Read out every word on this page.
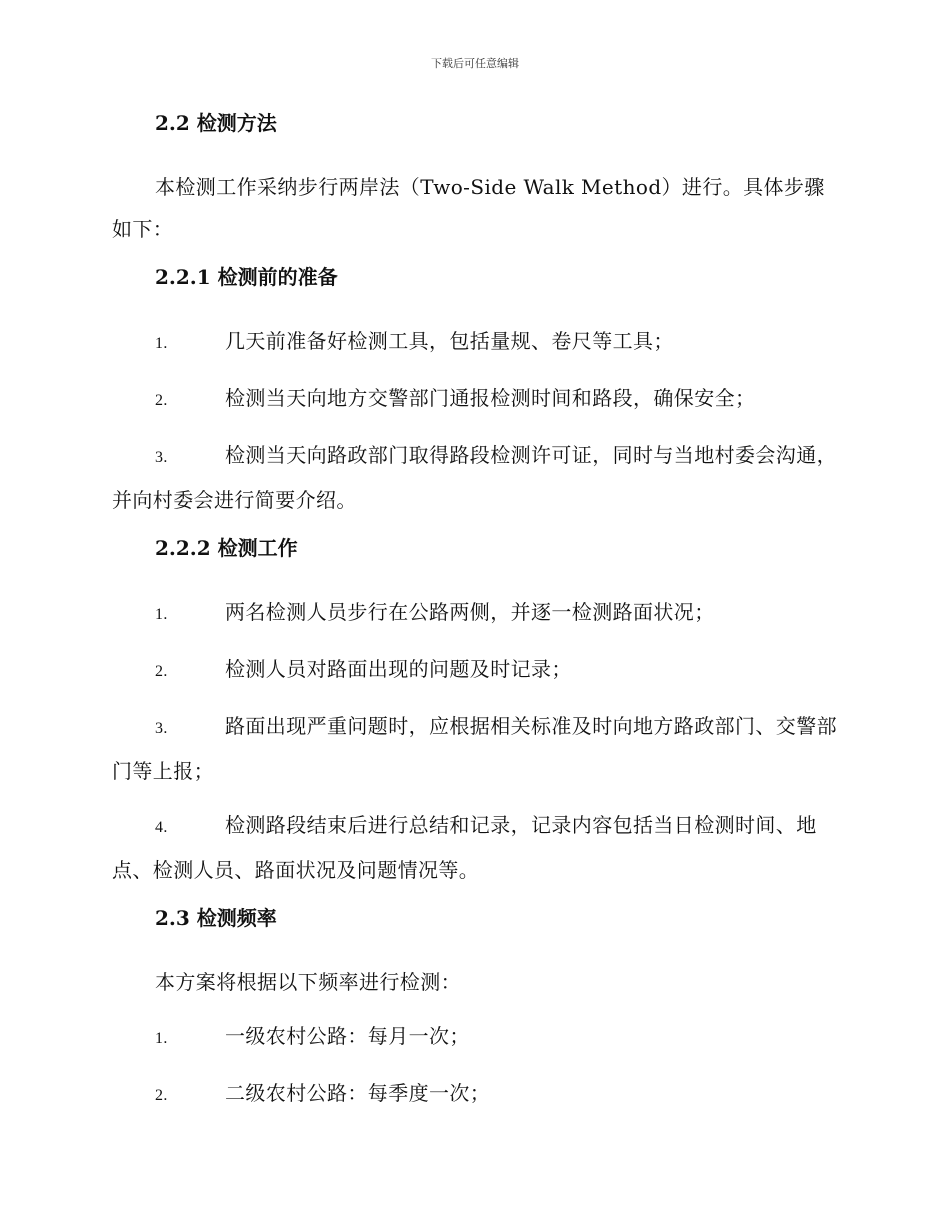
下载后可任意编辑
2.2 检测方法

本检测工作采纳步行两岸法（Two-Side Walk Method）进行。具体步骤如下：

2.2.1 检测前的准备

1.	几天前准备好检测工具，包括量规、卷尺等工具；

2.	检测当天向地方交警部门通报检测时间和路段，确保安全；

3.	检测当天向路政部门取得路段检测许可证，同时与当地村委会沟通，并向村委会进行简要介绍。

2.2.2 检测工作

1.	两名检测人员步行在公路两侧，并逐一检测路面状况；

2.	检测人员对路面出现的问题及时记录；

3.	路面出现严重问题时，应根据相关标准及时向地方路政部门、交警部门等上报；

4.	检测路段结束后进行总结和记录，记录内容包括当日检测时间、地点、检测人员、路面状况及问题情况等。

2.3 检测频率

本方案将根据以下频率进行检测：

1.	一级农村公路：每月一次；

2.	二级农村公路：每季度一次；
